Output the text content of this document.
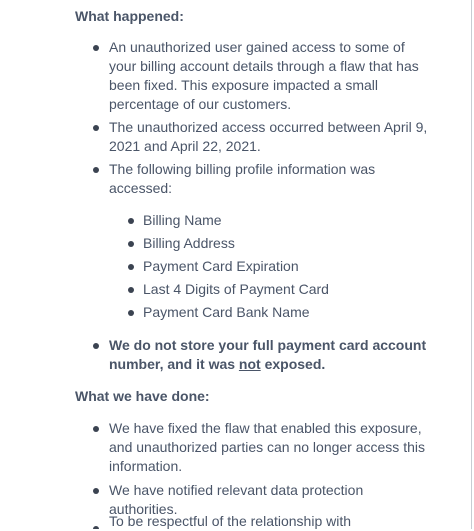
What happened:
An unauthorized user gained access to some of your billing account details through a flaw that has been fixed. This exposure impacted a small percentage of our customers.
The unauthorized access occurred between April 9, 2021 and April 22, 2021.
The following billing profile information was accessed:
Billing Name
Billing Address
Payment Card Expiration
Last 4 Digits of Payment Card
Payment Card Bank Name
We do not store your full payment card account number, and it was not exposed.
What we have done:
We have fixed the flaw that enabled this exposure, and unauthorized parties can no longer access this information.
We have notified relevant data protection authorities.
To be respectful of the relationship with
